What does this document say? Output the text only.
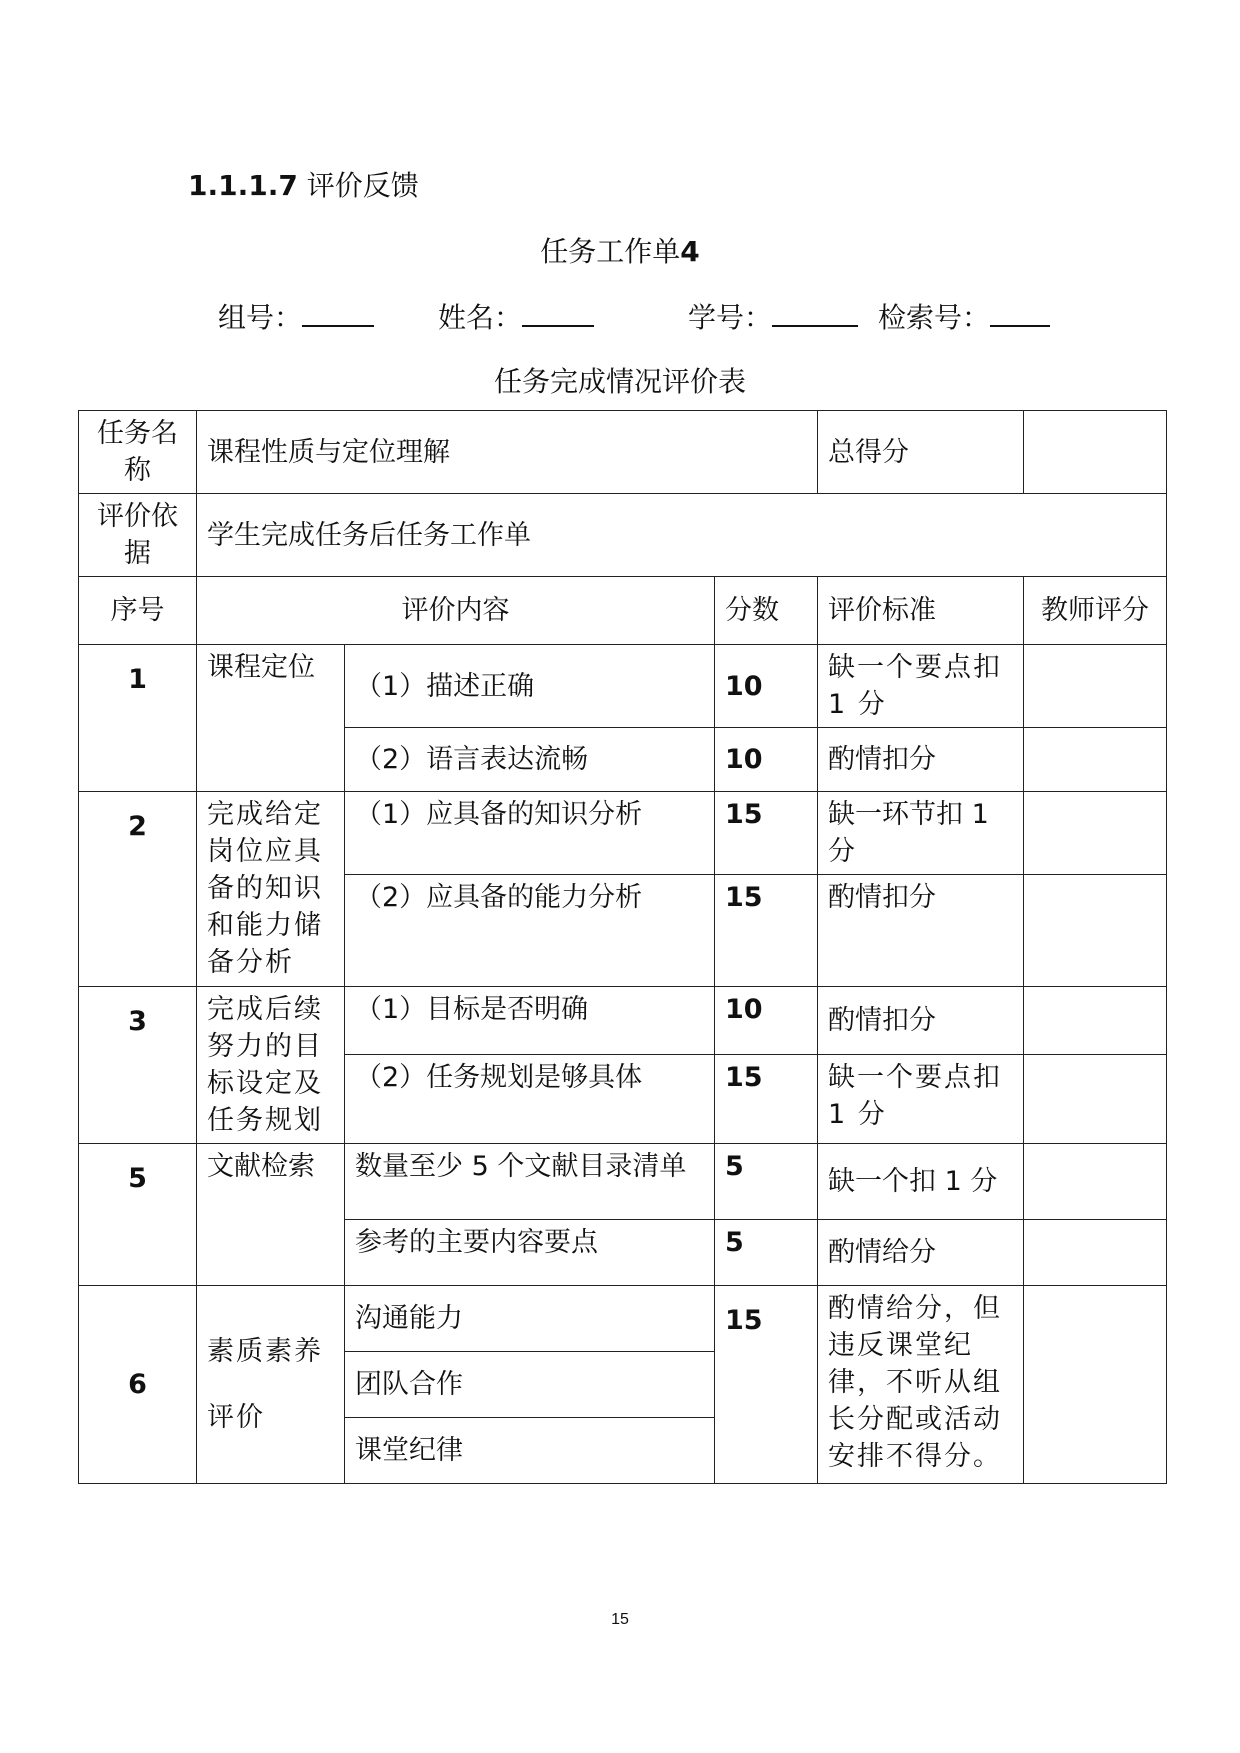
1.1.1.7 评价反馈
任务工作单4
组号：	姓名：	学号：	检索号：
任务完成情况评价表
任务名称	课程性质与定位理解			总得分	
评价依据	学生完成任务后任务工作单				
序号	评价内容		分数	评价标准	教师评分
1	课程定位	（1）描述正确	10	缺一个要点扣1 分	
		（2）语言表达流畅	10	酌情扣分	
2	完成给定岗位应具备的知识和能力储备分析	（1）应具备的知识分析	15	缺一环节扣 1 分	
		（2）应具备的能力分析	15	酌情扣分	
3	完成后续努力的目标设定及任务规划	（1）目标是否明确	10	酌情扣分	
		（2）任务规划是够具体	15	缺一个要点扣1 分	
5	文献检索	数量至少 5 个文献目录清单	5	缺一个扣 1 分	
		参考的主要内容要点	5	酌情给分	
6	素质素养评价	沟通能力	15	酌情给分，但违反课堂纪律，不听从组长分配或活动安排不得分。	
		团队合作			
		课堂纪律			
15
